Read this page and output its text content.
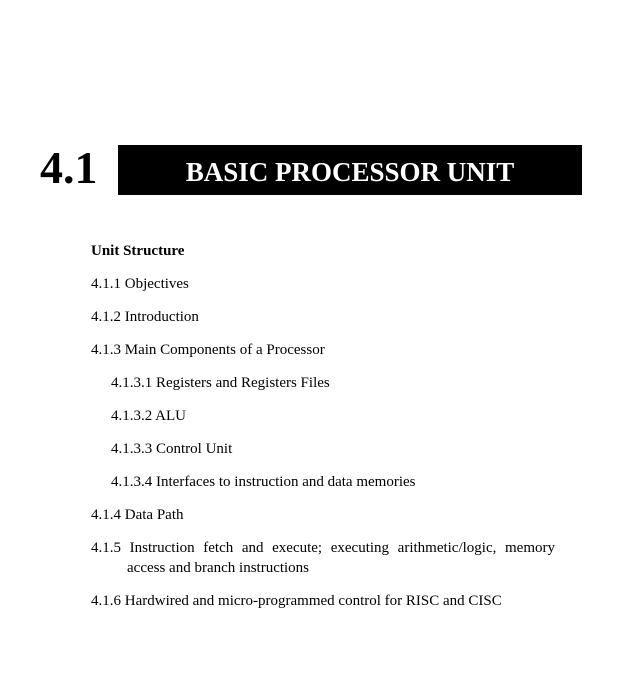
4.1	BASIC PROCESSOR UNIT
Unit Structure
4.1.1 Objectives
4.1.2 Introduction
4.1.3 Main Components of a Processor
4.1.3.1 Registers and Registers Files
4.1.3.2 ALU
4.1.3.3 Control Unit
4.1.3.4 Interfaces to instruction and data memories
4.1.4 Data Path
4.1.5 Instruction fetch and execute; executing arithmetic/logic, memory
access and branch instructions
4.1.6 Hardwired and micro-programmed control for RISC and CISC
